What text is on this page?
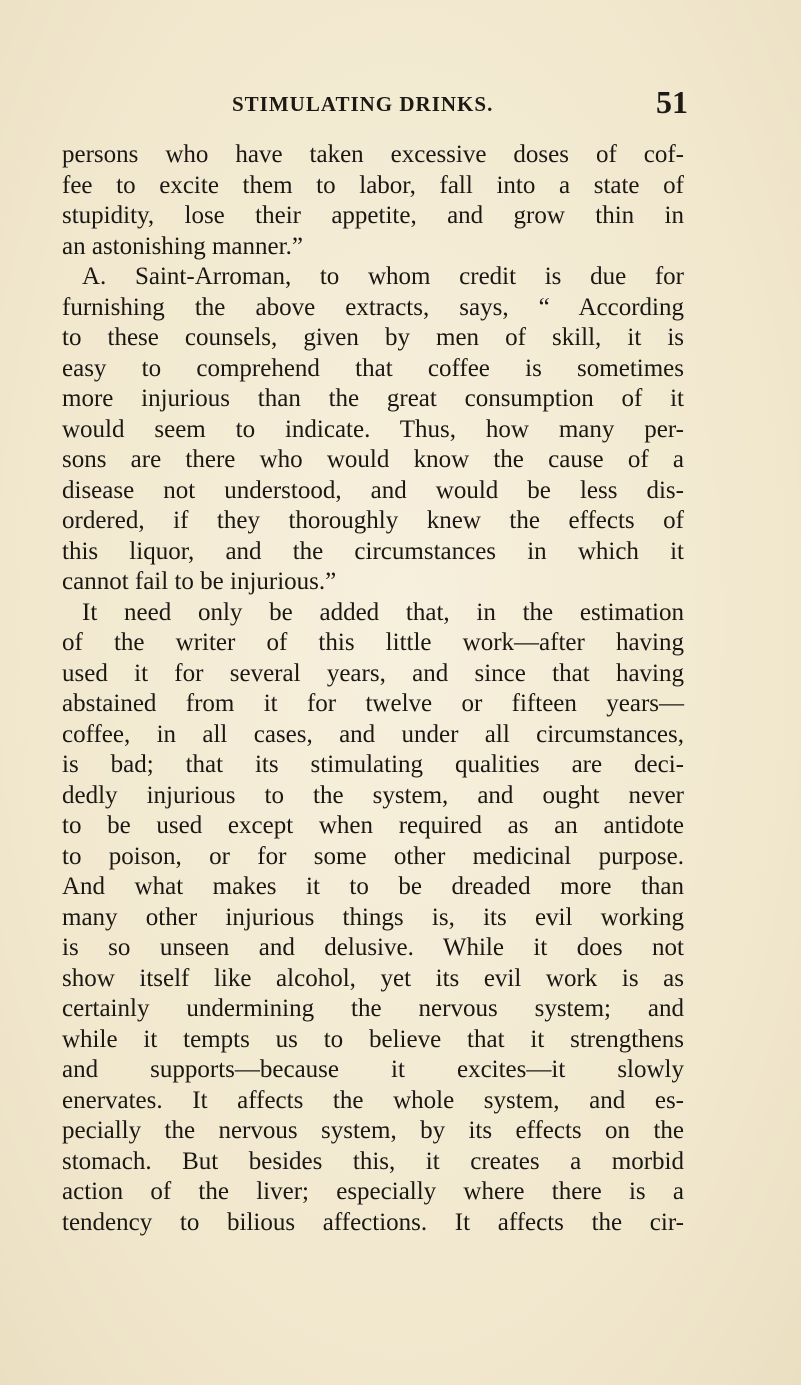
STIMULATING DRINKS.	51
persons who have taken excessive doses of cof-
fee to excite them to labor, fall into a state of
stupidity, lose their appetite, and grow thin in
an astonishing manner.”
A. Saint-Arroman, to whom credit is due for
furnishing the above extracts, says, “ According
to these counsels, given by men of skill, it is
easy to comprehend that coffee is sometimes
more injurious than the great consumption of it
would seem to indicate. Thus, how many per-
sons are there who would know the cause of a
disease not understood, and would be less dis-
ordered, if they thoroughly knew the effects of
this liquor, and the circumstances in which it
cannot fail to be injurious.”
It need only be added that, in the estimation
of the writer of this little work—after having
used it for several years, and since that having
abstained from it for twelve or fifteen years—
coffee, in all cases, and under all circumstances,
is bad; that its stimulating qualities are deci-
dedly injurious to the system, and ought never
to be used except when required as an antidote
to poison, or for some other medicinal purpose.
And what makes it to be dreaded more than
many other injurious things is, its evil working
is so unseen and delusive. While it does not
show itself like alcohol, yet its evil work is as
certainly undermining the nervous system; and
while it tempts us to believe that it strengthens
and supports—because it excites—it slowly
enervates. It affects the whole system, and es-
pecially the nervous system, by its effects on the
stomach. But besides this, it creates a morbid
action of the liver; especially where there is a
tendency to bilious affections. It affects the cir-
